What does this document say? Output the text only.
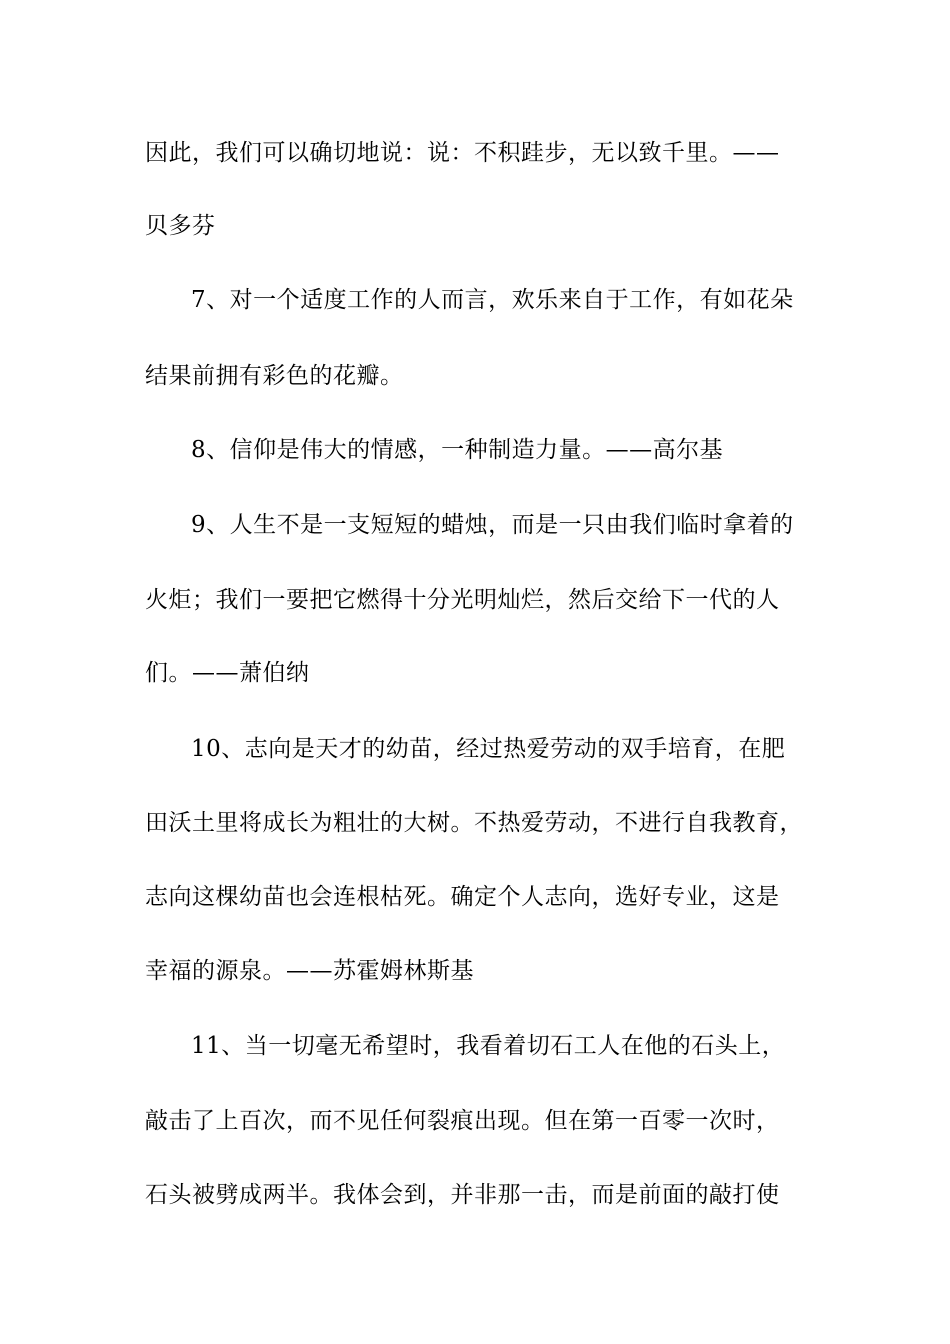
因此，我们可以确切地说：说：不积跬步，无以致千里。——
贝多芬
7、对一个适度工作的人而言，欢乐来自于工作，有如花朵
结果前拥有彩色的花瓣。
8、信仰是伟大的情感，一种制造力量。——高尔基
9、人生不是一支短短的蜡烛，而是一只由我们临时拿着的
火炬；我们一要把它燃得十分光明灿烂，然后交给下一代的人
们。——萧伯纳
10、志向是天才的幼苗，经过热爱劳动的双手培育，在肥
田沃土里将成长为粗壮的大树。不热爱劳动，不进行自我教育，
志向这棵幼苗也会连根枯死。确定个人志向，选好专业，这是
幸福的源泉。——苏霍姆林斯基
11、当一切毫无希望时，我看着切石工人在他的石头上，
敲击了上百次，而不见任何裂痕出现。但在第一百零一次时，
石头被劈成两半。我体会到，并非那一击，而是前面的敲打使
